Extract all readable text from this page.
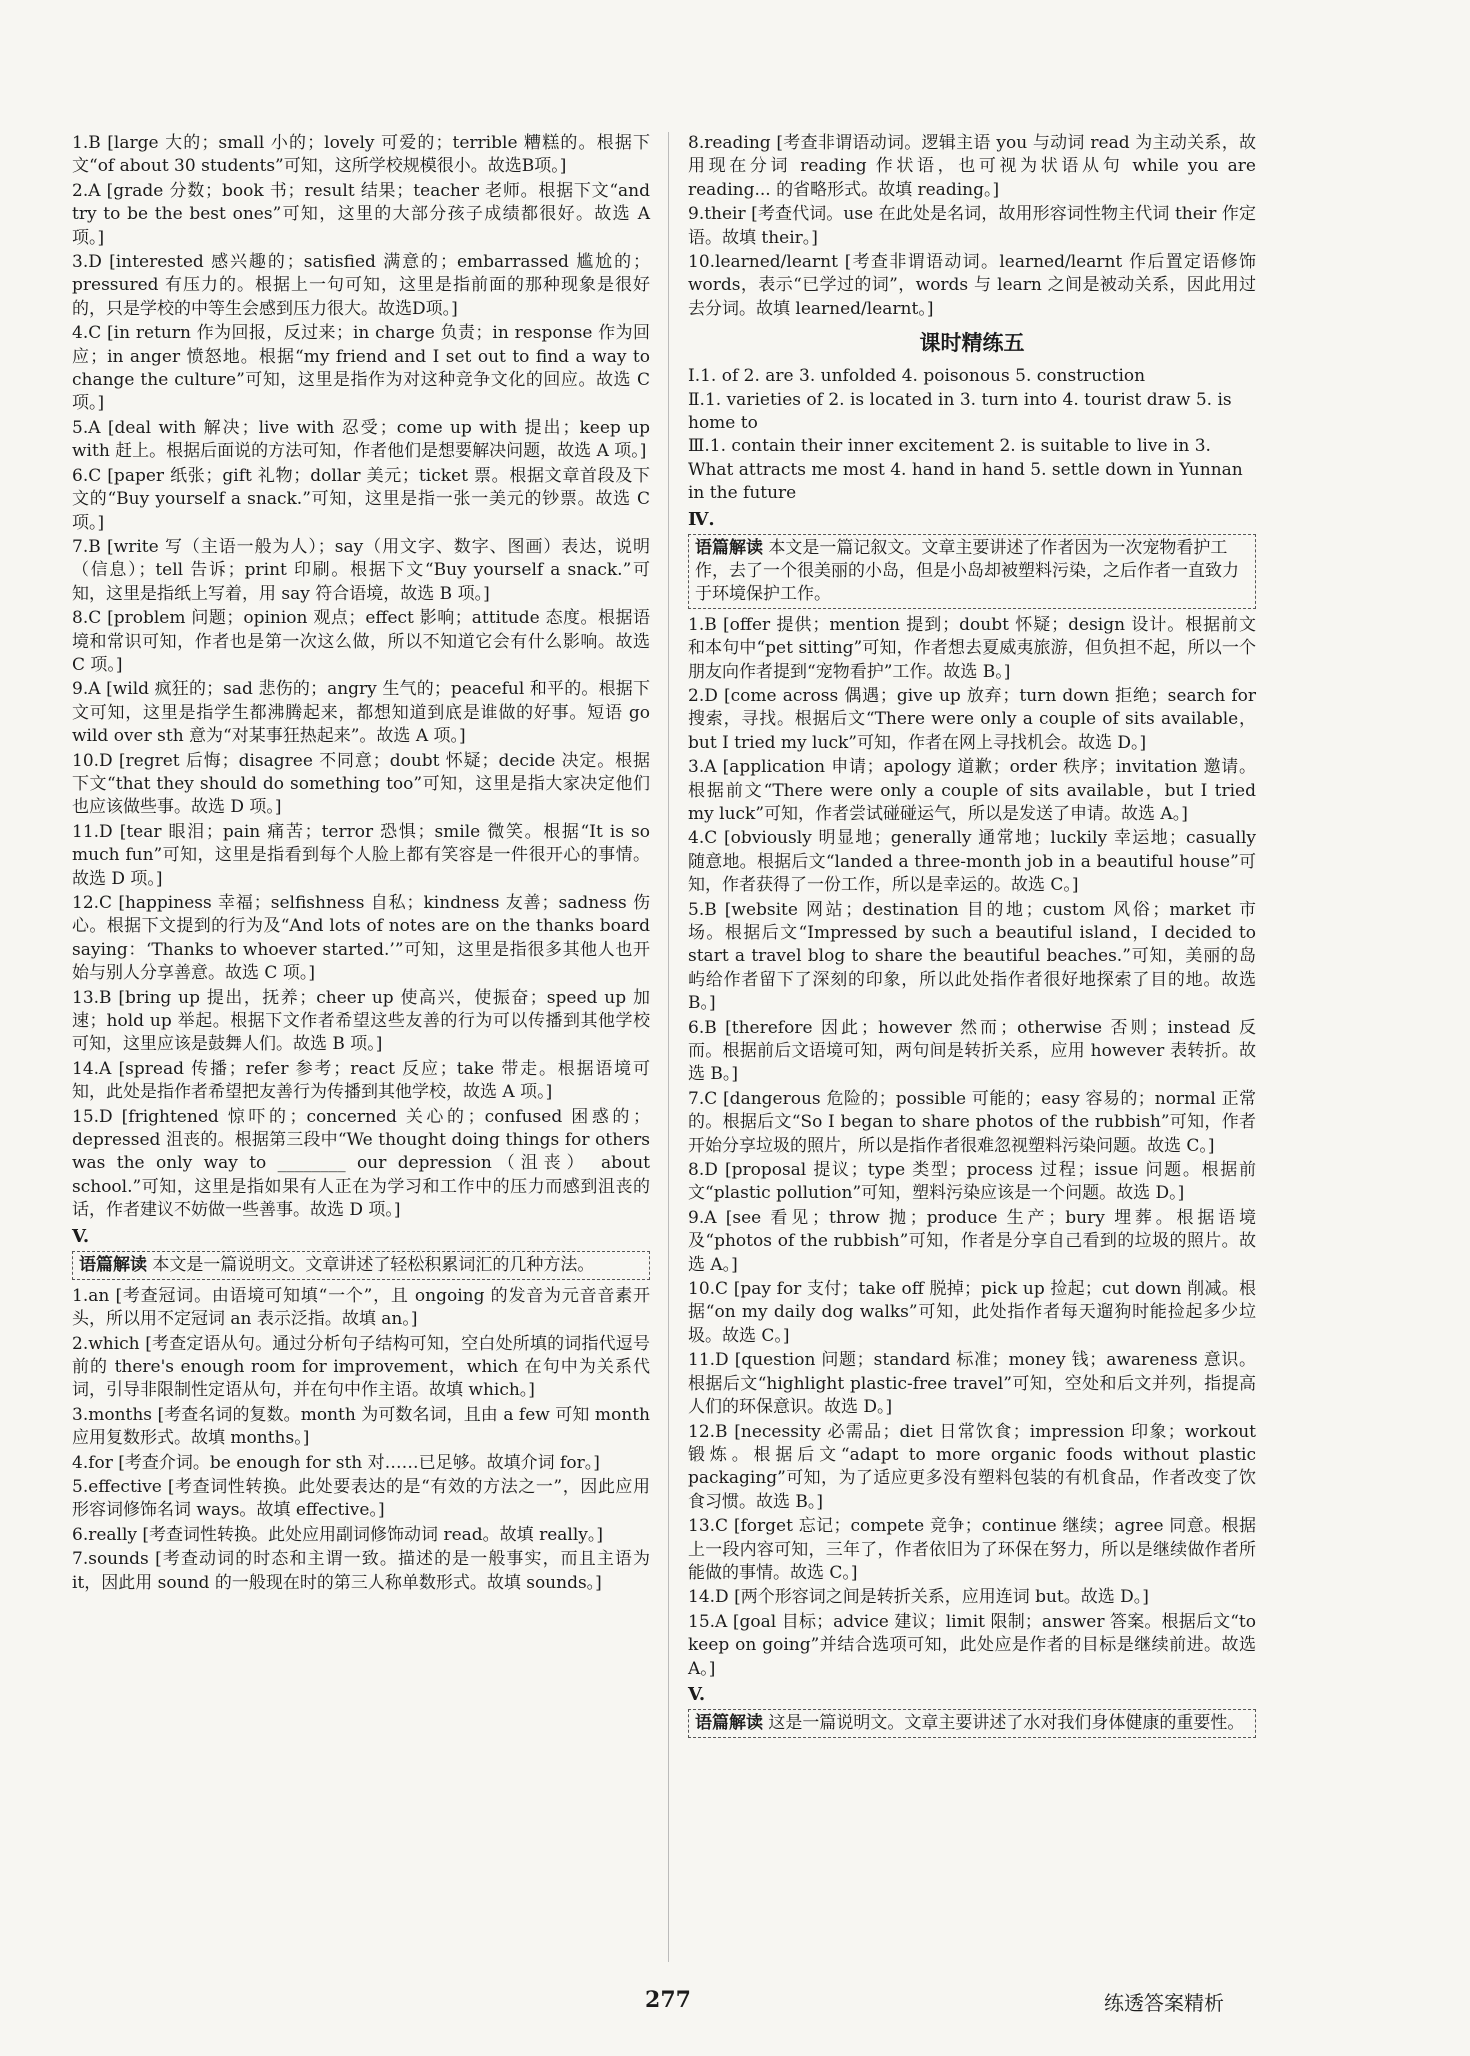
1.B [large 大的；small 小的；lovely 可爱的；terrible 糟糕的。根据下文“of about 30 students”可知，这所学校规模很小。故选B项。]

2.A [grade 分数；book 书；result 结果；teacher 老师。根据下文“and try to be the best ones”可知，这里的大部分孩子成绩都很好。故选 A 项。]

3.D [interested 感兴趣的；satisfied 满意的；embarrassed 尴尬的；pressured 有压力的。根据上一句可知，这里是指前面的那种现象是很好的，只是学校的中等生会感到压力很大。故选D项。]

4.C [in return 作为回报，反过来；in charge 负责；in response 作为回应；in anger 愤怒地。根据“my friend and I set out to find a way to change the culture”可知，这里是指作为对这种竞争文化的回应。故选 C 项。]

5.A [deal with 解决；live with 忍受；come up with 提出；keep up with 赶上。根据后面说的方法可知，作者他们是想要解决问题，故选 A 项。]

6.C [paper 纸张；gift 礼物；dollar 美元；ticket 票。根据文章首段及下文的“Buy yourself a snack.”可知，这里是指一张一美元的钞票。故选 C 项。]

7.B [write 写（主语一般为人）；say（用文字、数字、图画）表达，说明（信息）；tell 告诉；print 印刷。根据下文“Buy yourself a snack.”可知，这里是指纸上写着，用 say 符合语境，故选 B 项。]

8.C [problem 问题；opinion 观点；effect 影响；attitude 态度。根据语境和常识可知，作者也是第一次这么做，所以不知道它会有什么影响。故选 C 项。]

9.A [wild 疯狂的；sad 悲伤的；angry 生气的；peaceful 和平的。根据下文可知，这里是指学生都沸腾起来，都想知道到底是谁做的好事。短语 go wild over sth 意为“对某事狂热起来”。故选 A 项。]

10.D [regret 后悔；disagree 不同意；doubt 怀疑；decide 决定。根据下文“that they should do something too”可知，这里是指大家决定他们也应该做些事。故选 D 项。]

11.D [tear 眼泪；pain 痛苦；terror 恐惧；smile 微笑。根据“It is so much fun”可知，这里是指看到每个人脸上都有笑容是一件很开心的事情。故选 D 项。]

12.C [happiness 幸福；selfishness 自私；kindness 友善；sadness 伤心。根据下文提到的行为及“And lots of notes are on the thanks board saying：‘Thanks to whoever started.’”可知，这里是指很多其他人也开始与别人分享善意。故选 C 项。]

13.B [bring up 提出，抚养；cheer up 使高兴，使振奋；speed up 加速；hold up 举起。根据下文作者希望这些友善的行为可以传播到其他学校可知，这里应该是鼓舞人们。故选 B 项。]

14.A [spread 传播；refer 参考；react 反应；take 带走。根据语境可知，此处是指作者希望把友善行为传播到其他学校，故选 A 项。]

15.D [frightened 惊吓的；concerned 关心的；confused 困惑的；depressed 沮丧的。根据第三段中“We thought doing things for others was the only way to ________ our depression（沮丧） about school.”可知，这里是指如果有人正在为学习和工作中的压力而感到沮丧的话，作者建议不妨做一些善事。故选 D 项。]

V.
语篇解读 本文是一篇说明文。文章讲述了轻松积累词汇的几种方法。

1.an [考查冠词。由语境可知填“一个”，且 ongoing 的发音为元音音素开头，所以用不定冠词 an 表示泛指。故填 an。]

2.which [考查定语从句。通过分析句子结构可知，空白处所填的词指代逗号前的 there's enough room for improvement，which 在句中为关系代词，引导非限制性定语从句，并在句中作主语。故填 which。]

3.months [考查名词的复数。month 为可数名词，且由 a few 可知 month 应用复数形式。故填 months。]

4.for [考查介词。be enough for sth 对……已足够。故填介词 for。]

5.effective [考查词性转换。此处要表达的是“有效的方法之一”，因此应用形容词修饰名词 ways。故填 effective。]

6.really [考查词性转换。此处应用副词修饰动词 read。故填 really。]

7.sounds [考查动词的时态和主谓一致。描述的是一般事实，而且主语为 it，因此用 sound 的一般现在时的第三人称单数形式。故填 sounds。]

8.reading [考查非谓语动词。逻辑主语 you 与动词 read 为主动关系，故用现在分词 reading 作状语，也可视为状语从句 while you are reading... 的省略形式。故填 reading。]

9.their [考查代词。use 在此处是名词，故用形容词性物主代词 their 作定语。故填 their。]

10.learned/learnt [考查非谓语动词。learned/learnt 作后置定语修饰 words，表示“已学过的词”，words 与 learn 之间是被动关系，因此用过去分词。故填 learned/learnt。]

课时精练五

Ⅰ.1. of 2. are 3. unfolded 4. poisonous 5. construction

Ⅱ.1. varieties of 2. is located in 3. turn into 4. tourist draw 5. is home to

Ⅲ.1. contain their inner excitement 2. is suitable to live in 3. What attracts me most 4. hand in hand 5. settle down in Yunnan in the future

Ⅳ.
语篇解读 本文是一篇记叙文。文章主要讲述了作者因为一次宠物看护工作，去了一个很美丽的小岛，但是小岛却被塑料污染，之后作者一直致力于环境保护工作。

1.B [offer 提供；mention 提到；doubt 怀疑；design 设计。根据前文和本句中“pet sitting”可知，作者想去夏威夷旅游，但负担不起，所以一个朋友向作者提到“宠物看护”工作。故选 B。]

2.D [come across 偶遇；give up 放弃；turn down 拒绝；search for 搜索，寻找。根据后文“There were only a couple of sits available，but I tried my luck”可知，作者在网上寻找机会。故选 D。]

3.A [application 申请；apology 道歉；order 秩序；invitation 邀请。根据前文“There were only a couple of sits available，but I tried my luck”可知，作者尝试碰碰运气，所以是发送了申请。故选 A。]

4.C [obviously 明显地；generally 通常地；luckily 幸运地；casually 随意地。根据后文“landed a three-month job in a beautiful house”可知，作者获得了一份工作，所以是幸运的。故选 C。]

5.B [website 网站；destination 目的地；custom 风俗；market 市场。根据后文“Impressed by such a beautiful island，I decided to start a travel blog to share the beautiful beaches.”可知，美丽的岛屿给作者留下了深刻的印象，所以此处指作者很好地探索了目的地。故选 B。]

6.B [therefore 因此；however 然而；otherwise 否则；instead 反而。根据前后文语境可知，两句间是转折关系，应用 however 表转折。故选 B。]

7.C [dangerous 危险的；possible 可能的；easy 容易的；normal 正常的。根据后文“So I began to share photos of the rubbish”可知，作者开始分享垃圾的照片，所以是指作者很难忽视塑料污染问题。故选 C。]

8.D [proposal 提议；type 类型；process 过程；issue 问题。根据前文“plastic pollution”可知，塑料污染应该是一个问题。故选 D。]

9.A [see 看见；throw 抛；produce 生产；bury 埋葬。根据语境及“photos of the rubbish”可知，作者是分享自己看到的垃圾的照片。故选 A。]

10.C [pay for 支付；take off 脱掉；pick up 捡起；cut down 削减。根据“on my daily dog walks”可知，此处指作者每天遛狗时能捡起多少垃圾。故选 C。]

11.D [question 问题；standard 标准；money 钱；awareness 意识。根据后文“highlight plastic-free travel”可知，空处和后文并列，指提高人们的环保意识。故选 D。]

12.B [necessity 必需品；diet 日常饮食；impression 印象；workout 锻炼。根据后文“adapt to more organic foods without plastic packaging”可知，为了适应更多没有塑料包装的有机食品，作者改变了饮食习惯。故选 B。]

13.C [forget 忘记；compete 竞争；continue 继续；agree 同意。根据上一段内容可知，三年了，作者依旧为了环保在努力，所以是继续做作者所能做的事情。故选 C。]

14.D [两个形容词之间是转折关系，应用连词 but。故选 D。]

15.A [goal 目标；advice 建议；limit 限制；answer 答案。根据后文“to keep on going”并结合选项可知，此处应是作者的目标是继续前进。故选 A。]

V.
语篇解读 这是一篇说明文。文章主要讲述了水对我们身体健康的重要性。
277	练透答案精析
